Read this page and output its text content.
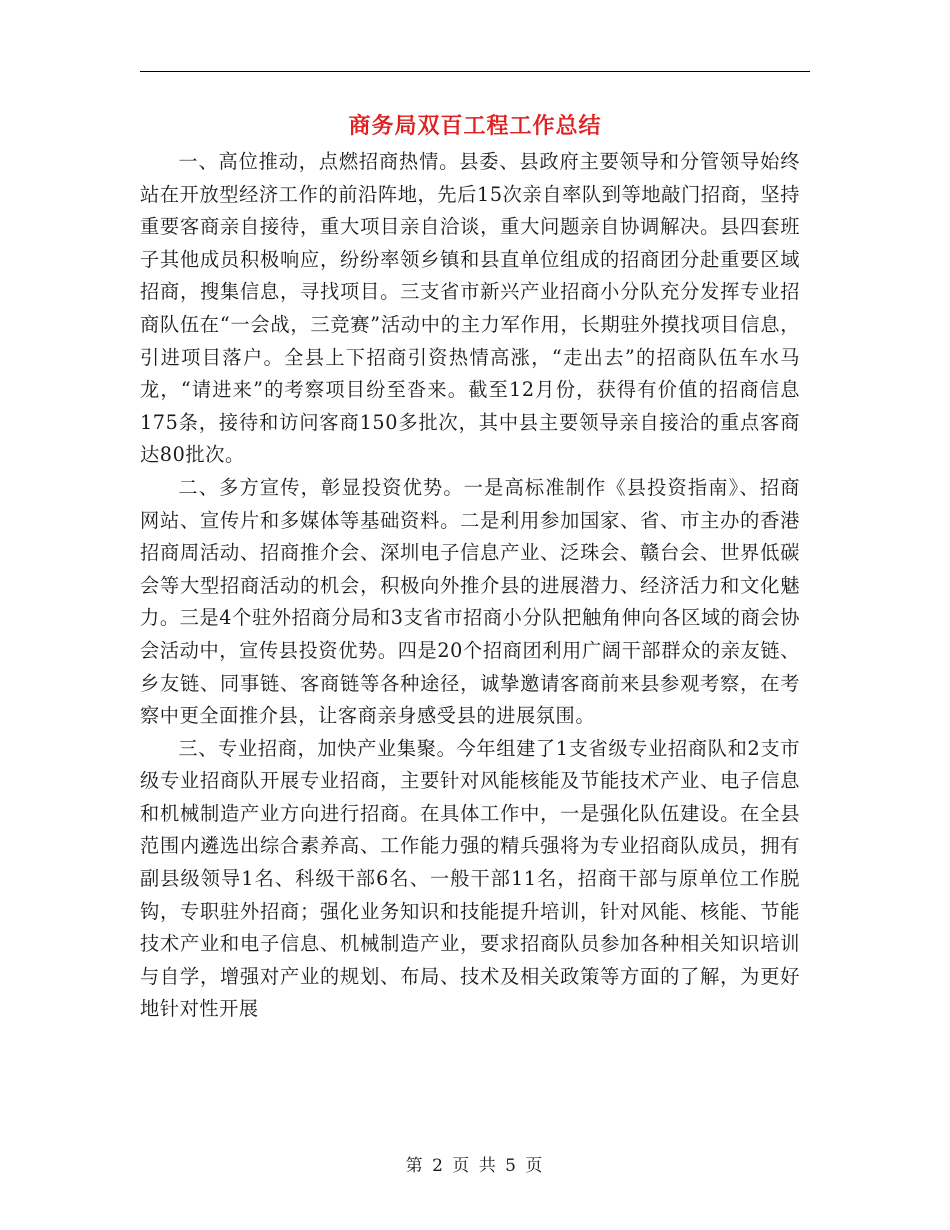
商务局双百工程工作总结

一、高位推动，点燃招商热情。县委、县政府主要领导和分管领导始终站在开放型经济工作的前沿阵地，先后15次亲自率队到等地敲门招商，坚持重要客商亲自接待，重大项目亲自洽谈，重大问题亲自协调解决。县四套班子其他成员积极响应，纷纷率领乡镇和县直单位组成的招商团分赴重要区域招商，搜集信息，寻找项目。三支省市新兴产业招商小分队充分发挥专业招商队伍在“一会战，三竞赛”活动中的主力军作用，长期驻外摸找项目信息，引进项目落户。全县上下招商引资热情高涨，“走出去”的招商队伍车水马龙，“请进来”的考察项目纷至沓来。截至12月份，获得有价值的招商信息175条，接待和访问客商150多批次，其中县主要领导亲自接洽的重点客商达80批次。

二、多方宣传，彰显投资优势。一是高标准制作《县投资指南》、招商网站、宣传片和多媒体等基础资料。二是利用参加国家、省、市主办的香港招商周活动、招商推介会、深圳电子信息产业、泛珠会、赣台会、世界低碳会等大型招商活动的机会，积极向外推介县的进展潜力、经济活力和文化魅力。三是4个驻外招商分局和3支省市招商小分队把触角伸向各区域的商会协会活动中，宣传县投资优势。四是20个招商团利用广阔干部群众的亲友链、乡友链、同事链、客商链等各种途径，诚挚邀请客商前来县参观考察，在考察中更全面推介县，让客商亲身感受县的进展氛围。

三、专业招商，加快产业集聚。今年组建了1支省级专业招商队和2支市级专业招商队开展专业招商，主要针对风能核能及节能技术产业、电子信息和机械制造产业方向进行招商。在具体工作中，一是强化队伍建设。在全县范围内遴选出综合素养高、工作能力强的精兵强将为专业招商队成员，拥有副县级领导1名、科级干部6名、一般干部11名，招商干部与原单位工作脱钩，专职驻外招商；强化业务知识和技能提升培训，针对风能、核能、节能技术产业和电子信息、机械制造产业，要求招商队员参加各种相关知识培训与自学，增强对产业的规划、布局、技术及相关政策等方面的了解，为更好地针对性开展

第 2 页 共 5 页
